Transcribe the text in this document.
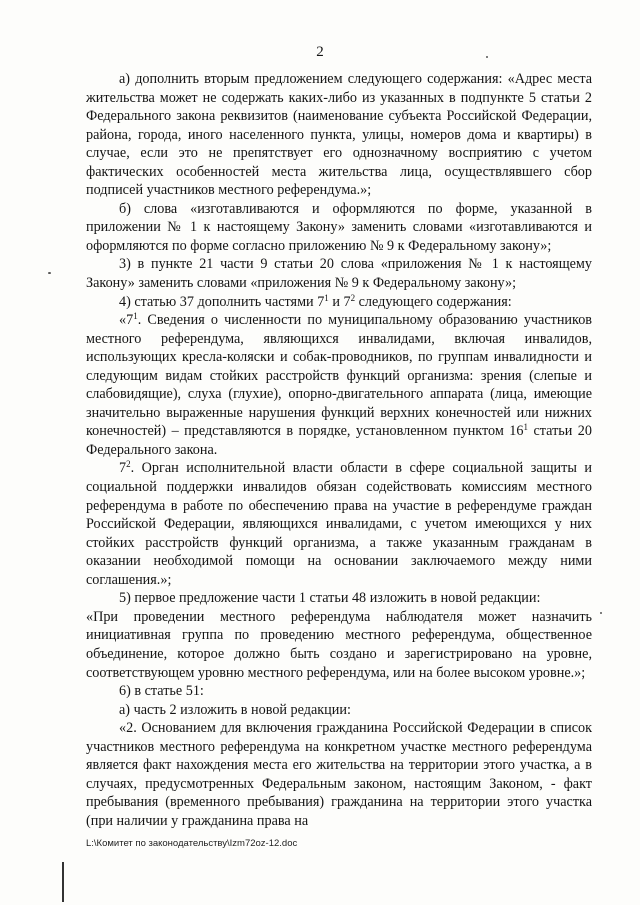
2

а) дополнить вторым предложением следующего содержания: «Адрес места жительства может не содержать каких-либо из указанных в подпункте 5 статьи 2 Федерального закона реквизитов (наименование субъекта Российской Федерации, района, города, иного населенного пункта, улицы, номеров дома и квартиры) в случае, если это не препятствует его однозначному восприятию с учетом фактических особенностей места жительства лица, осуществлявшего сбор подписей участников местного референдума.»;

б) слова «изготавливаются и оформляются по форме, указанной в приложении № 1 к настоящему Закону» заменить словами «изготавливаются и оформляются по форме согласно приложению № 9 к Федеральному закону»;

3) в пункте 21 части 9 статьи 20 слова «приложения № 1 к настоящему Закону» заменить словами «приложения № 9 к Федеральному закону»;

4) статью 37 дополнить частями $7^1$ и $7^2$ следующего содержания:

«$7^1$. Сведения о численности по муниципальному образованию участников местного референдума, являющихся инвалидами, включая инвалидов, использующих кресла-коляски и собак-проводников, по группам инвалидности и следующим видам стойких расстройств функций организма: зрения (слепые и слабовидящие), слуха (глухие), опорно-двигательного аппарата (лица, имеющие значительно выраженные нарушения функций верхних конечностей или нижних конечностей) – представляются в порядке, установленном пунктом $16^1$ статьи 20 Федерального закона.

$7^2$. Орган исполнительной власти области в сфере социальной защиты и социальной поддержки инвалидов обязан содействовать комиссиям местного референдума в работе по обеспечению права на участие в референдуме граждан Российской Федерации, являющихся инвалидами, с учетом имеющихся у них стойких расстройств функций организма, а также указанным гражданам в оказании необходимой помощи на основании заключаемого между ними соглашения.»;

5) первое предложение части 1 статьи 48 изложить в новой редакции:

«При проведении местного референдума наблюдателя может назначить инициативная группа по проведению местного референдума, общественное объединение, которое должно быть создано и зарегистрировано на уровне, соответствующем уровню местного референдума, или на более высоком уровне.»;

6) в статье 51:

а) часть 2 изложить в новой редакции:

«2. Основанием для включения гражданина Российской Федерации в список участников местного референдума на конкретном участке местного референдума является факт нахождения места его жительства на территории этого участка, а в случаях, предусмотренных Федеральным законом, настоящим Законом, - факт пребывания (временного пребывания) гражданина на территории этого участка (при наличии у гражданина права на

L:\Комитет по законодательству\Izm72oz-12.doc
